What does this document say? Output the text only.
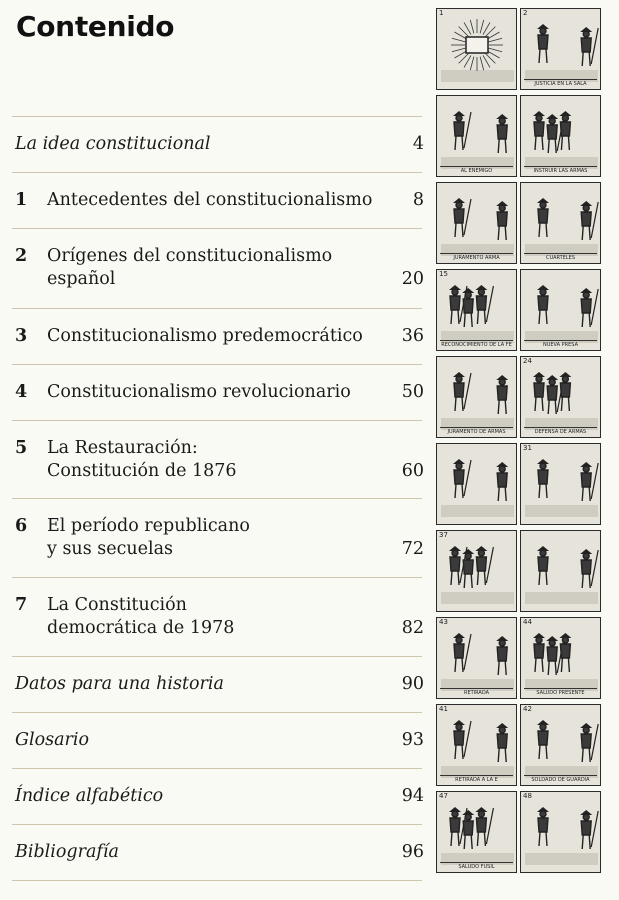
Contenido
La idea constitucional	4
1 Antecedentes del constitucionalismo 8
2 Orígenes del constitucionalismo
español	20
3 Constitucionalismo predemocrático 36
4 Constitucionalismo revolucionario	50
5 La Restauración:
Constitución de 1876	60
6 El período republicano
y sus secuelas	72
7 La Constitución
democrática de 1978	82
Datos para una historia	90
Glosario	93
Índice alfabético	94
Bibliografía	96
1	2
JUSTICIA EN LA SALA
AL ENEMIGO	INSTRUIR LAS ARMAS
JURAMENTO ARMA	CUARTELES
15
RECONOCIMIENTO DE LA FE	NUEVA PRESA
JURAMENTO DE ARMAS
24
DEFENSA DE ARMAS
31
37
43
RETIRADA
44
SALUDO PRESENTE
41
RETIRADA A LA E
42
SOLDADO DE GUARDIA
47
SALUDO FUSIL
48
